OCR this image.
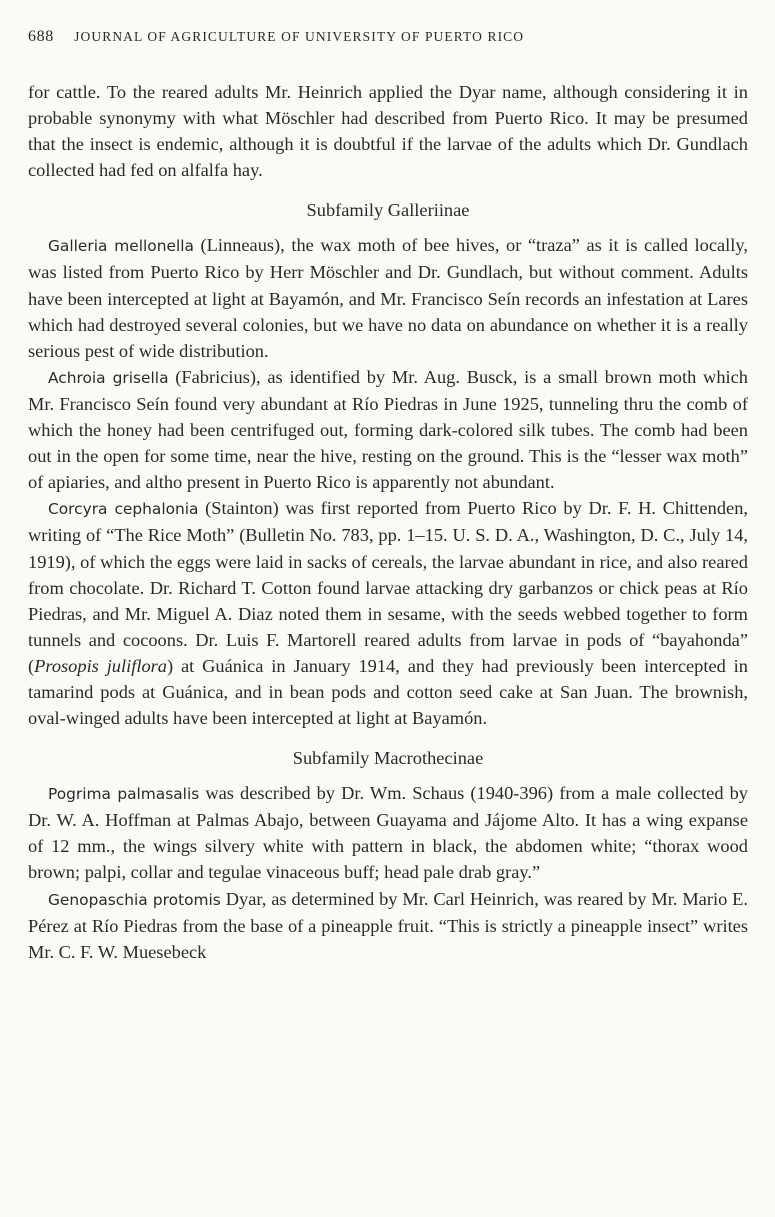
688 JOURNAL OF AGRICULTURE OF UNIVERSITY OF PUERTO RICO

for cattle. To the reared adults Mr. Heinrich applied the Dyar name, although considering it in probable synonymy with what Möschler had described from Puerto Rico. It may be presumed that the insect is endemic, although it is doubtful if the larvae of the adults which Dr. Gundlach collected had fed on alfalfa hay.

Subfamily Galleriinae

Galleria mellonella (Linneaus), the wax moth of bee hives, or “traza” as it is called locally, was listed from Puerto Rico by Herr Möschler and Dr. Gundlach, but without comment. Adults have been intercepted at light at Bayamón, and Mr. Francisco Seín records an infestation at Lares which had destroyed several colonies, but we have no data on abundance on whether it is a really serious pest of wide distribution.

Achroia grisella (Fabricius), as identified by Mr. Aug. Busck, is a small brown moth which Mr. Francisco Seín found very abundant at Río Piedras in June 1925, tunneling thru the comb of which the honey had been centrifuged out, forming dark-colored silk tubes. The comb had been out in the open for some time, near the hive, resting on the ground. This is the “lesser wax moth” of apiaries, and altho present in Puerto Rico is apparently not abundant.

Corcyra cephalonia (Stainton) was first reported from Puerto Rico by Dr. F. H. Chittenden, writing of “The Rice Moth” (Bulletin No. 783, pp. 1–15. U. S. D. A., Washington, D. C., July 14, 1919), of which the eggs were laid in sacks of cereals, the larvae abundant in rice, and also reared from chocolate. Dr. Richard T. Cotton found larvae attacking dry garbanzos or chick peas at Río Piedras, and Mr. Miguel A. Diaz noted them in sesame, with the seeds webbed together to form tunnels and cocoons. Dr. Luis F. Martorell reared adults from larvae in pods of “bayahonda” (Prosopis juliflora) at Guánica in January 1914, and they had previously been intercepted in tamarind pods at Guánica, and in bean pods and cotton seed cake at San Juan. The brownish, oval-winged adults have been intercepted at light at Bayamón.

Subfamily Macrothecinae

Pogrima palmasalis was described by Dr. Wm. Schaus (1940-396) from a male collected by Dr. W. A. Hoffman at Palmas Abajo, between Guayama and Jájome Alto. It has a wing expanse of 12 mm., the wings silvery white with pattern in black, the abdomen white; “thorax wood brown; palpi, collar and tegulae vinaceous buff; head pale drab gray.”

Genopaschia protomis Dyar, as determined by Mr. Carl Heinrich, was reared by Mr. Mario E. Pérez at Río Piedras from the base of a pineapple fruit. “This is strictly a pineapple insect” writes Mr. C. F. W. Muesebeck
